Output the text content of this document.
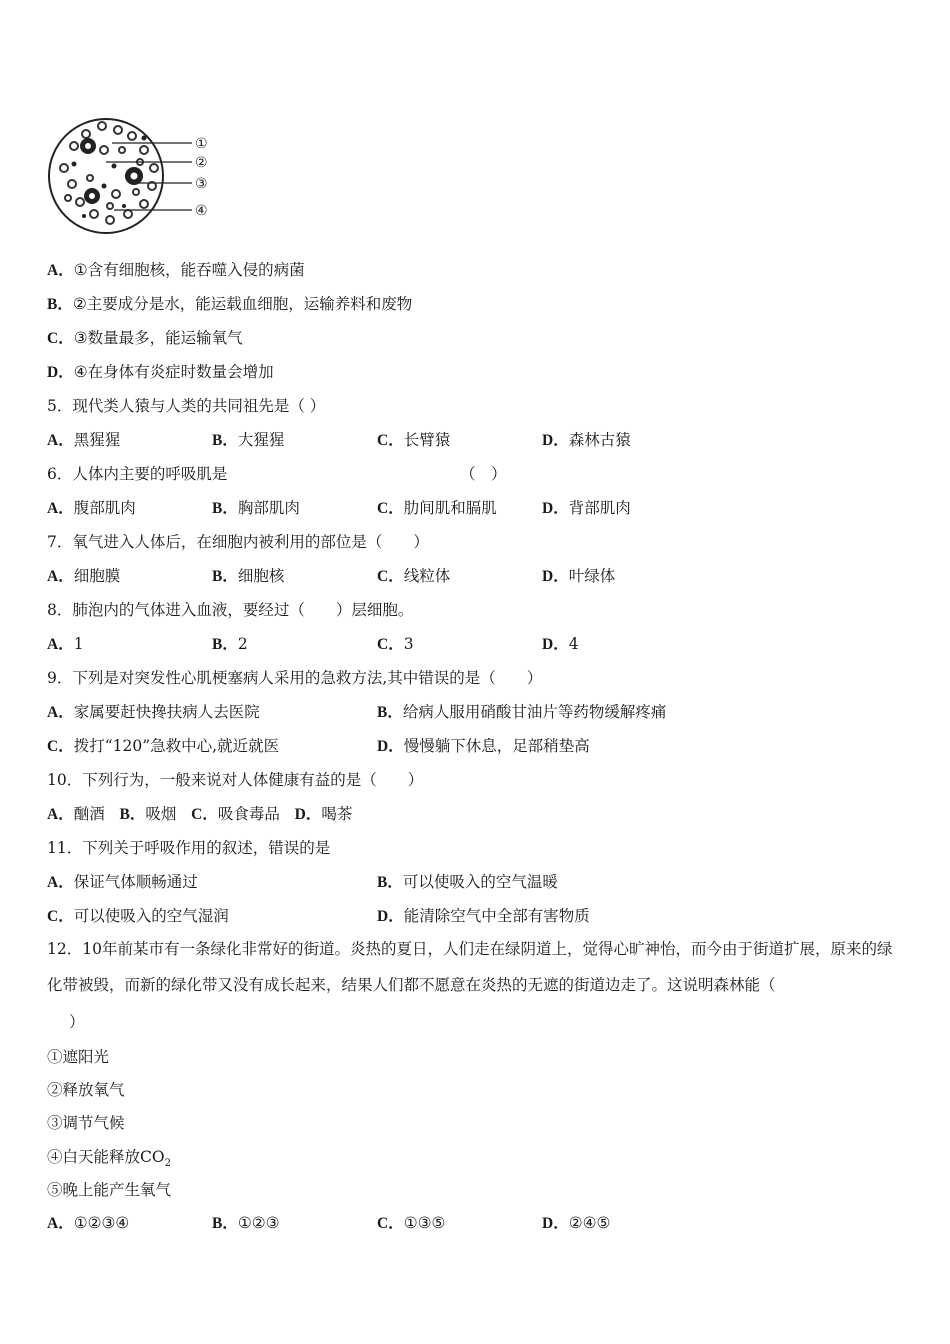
①
②
③
④
A．①含有细胞核，能吞噬入侵的病菌
B．②主要成分是水，能运载血细胞，运输养料和废物
C．③数量最多，能运输氧气
D．④在身体有炎症时数量会增加
5．现代类人猿与人类的共同祖先是（ ）
A．黑猩猩	B．大猩猩	C．长臂猿	D．森林古猿
6．人体内主要的呼吸肌是	（　）
A．腹部肌肉	B．胸部肌肉	C．肋间肌和膈肌	D．背部肌肉
7．氧气进入人体后，在细胞内被利用的部位是（　　）
A．细胞膜	B．细胞核	C．线粒体	D．叶绿体
8．肺泡内的气体进入血液，要经过（　　）层细胞。
A．1	B．2	C．3	D．4
9．下列是对突发性心肌梗塞病人采用的急救方法,其中错误的是（　　）
A．家属要赶快搀扶病人去医院	B．给病人服用硝酸甘油片等药物缓解疼痛
C．拨打“120”急救中心,就近就医	D．慢慢躺下休息，足部稍垫高
10．下列行为，一般来说对人体健康有益的是（　　）
A．酗酒 B．吸烟 C．吸食毒品 D．喝茶
11．下列关于呼吸作用的叙述，错误的是
A．保证气体顺畅通过	B．可以使吸入的空气温暖
C．可以使吸入的空气湿润	D．能清除空气中全部有害物质
12．10年前某市有一条绿化非常好的街道。炎热的夏日，人们走在绿阴道上，觉得心旷神怡，而今由于街道扩展，原来的绿化带被毁，而新的绿化带又没有成长起来，结果人们都不愿意在炎热的无遮的街道边走了。这说明森林能（
）
①遮阳光
②释放氧气
③调节气候
④白天能释放$CO_2$
⑤晚上能产生氧气
A．①②③④	B．①②③	C．①③⑤	D．②④⑤
